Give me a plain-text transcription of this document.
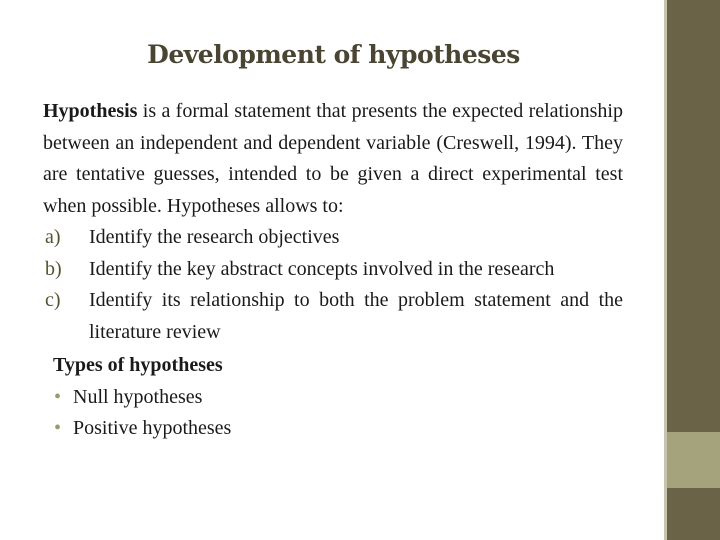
Development of hypotheses
Hypothesis is a formal statement that presents the expected relationship between an independent and dependent variable (Creswell, 1994). They are tentative guesses, intended to be given a direct experimental test when possible. Hypotheses allows to:
a)	Identify the research objectives
b)	Identify the key abstract concepts involved in the research
c)	Identify its relationship to both the problem statement and the literature review
Types of hypotheses
• Null hypotheses
• Positive hypotheses
